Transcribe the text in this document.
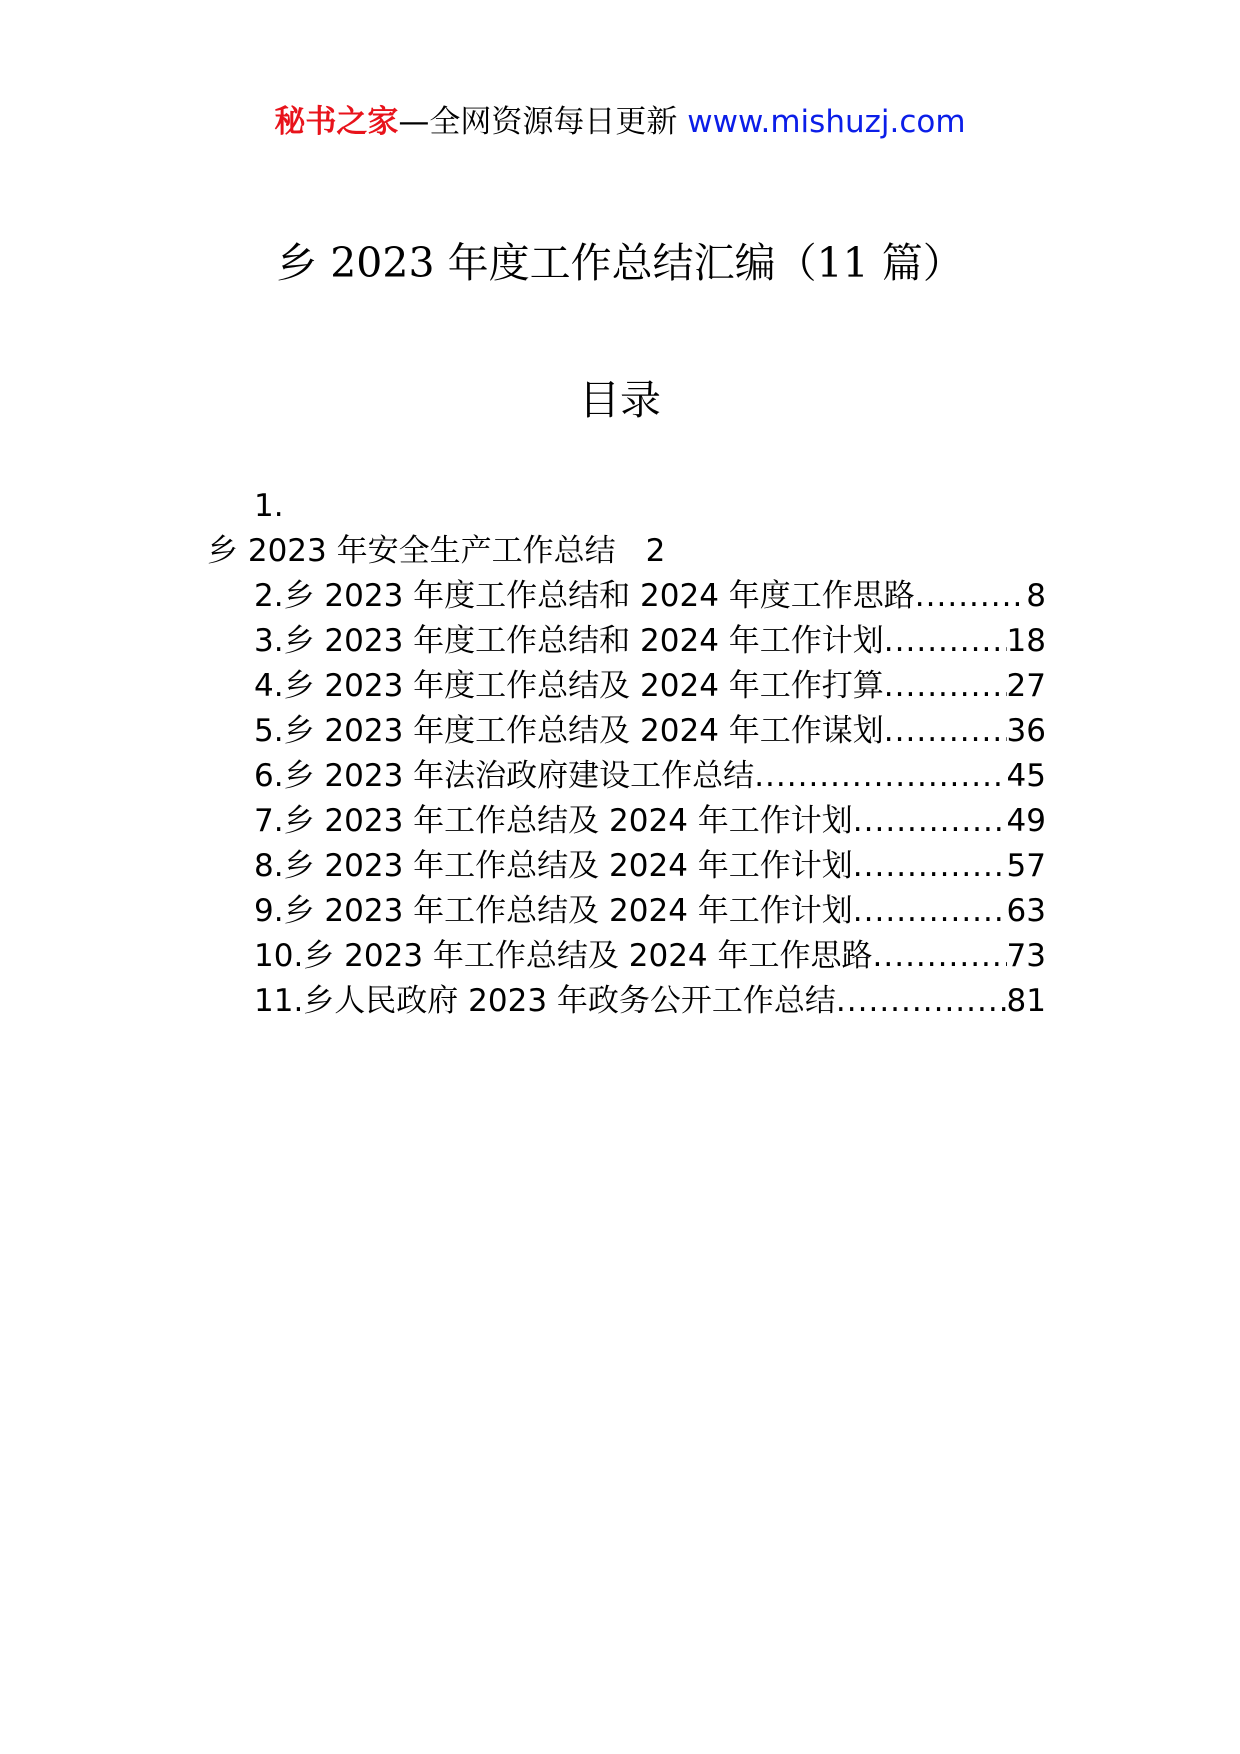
秘书之家—全网资源每日更新 www.mishuzj.com
乡 2023 年度工作总结汇编（11 篇）
目录
1.
乡 2023 年安全生产工作总结 2
2.乡 2023 年度工作总结和 2024 年度工作思路 .....	8
3.乡 2023 年度工作总结和 2024 年工作计划 .....	18
4.乡 2023 年度工作总结及 2024 年工作打算 .....	27
5.乡 2023 年度工作总结及 2024 年工作谋划 .....	36
6.乡 2023 年法治政府建设工作总结 .....	45
7.乡 2023 年工作总结及 2024 年工作计划 .....	49
8.乡 2023 年工作总结及 2024 年工作计划 .....	57
9.乡 2023 年工作总结及 2024 年工作计划 .....	63
10.乡 2023 年工作总结及 2024 年工作思路 .....	73
11.乡人民政府 2023 年政务公开工作总结 .....	81
